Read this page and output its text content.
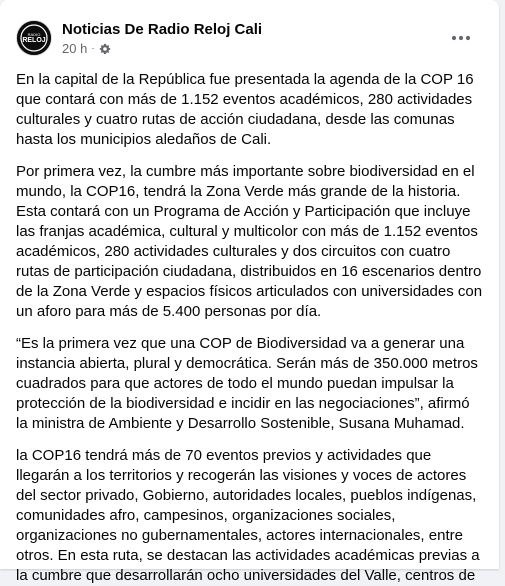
RADIO
RELOJ
Noticias De Radio Reloj Cali
20 h ·

En la capital de la República fue presentada la agenda de la COP 16 que contará con más de 1.152 eventos académicos, 280 actividades culturales y cuatro rutas de acción ciudadana, desde las comunas hasta los municipios aledaños de Cali.

Por primera vez, la cumbre más importante sobre biodiversidad en el mundo, la COP16, tendrá la Zona Verde más grande de la historia. Esta contará con un Programa de Acción y Participación que incluye las franjas académica, cultural y multicolor con más de 1.152 eventos académicos, 280 actividades culturales y dos circuitos con cuatro rutas de participación ciudadana, distribuidos en 16 escenarios dentro de la Zona Verde y espacios físicos articulados con universidades con un aforo para más de 5.400 personas por día.

“Es la primera vez que una COP de Biodiversidad va a generar una instancia abierta, plural y democrática. Serán más de 350.000 metros cuadrados para que actores de todo el mundo puedan impulsar la protección de la biodiversidad e incidir en las negociaciones”, afirmó la ministra de Ambiente y Desarrollo Sostenible, Susana Muhamad.

la COP16 tendrá más de 70 eventos previos y actividades que llegarán a los territorios y recogerán las visiones y voces de actores del sector privado, Gobierno, autoridades locales, pueblos indígenas, comunidades afro, campesinos, organizaciones sociales, organizaciones no gubernamentales, actores internacionales, entre otros. En esta ruta, se destacan las actividades académicas previas a la cumbre que desarrollarán ocho universidades del Valle, centros de
